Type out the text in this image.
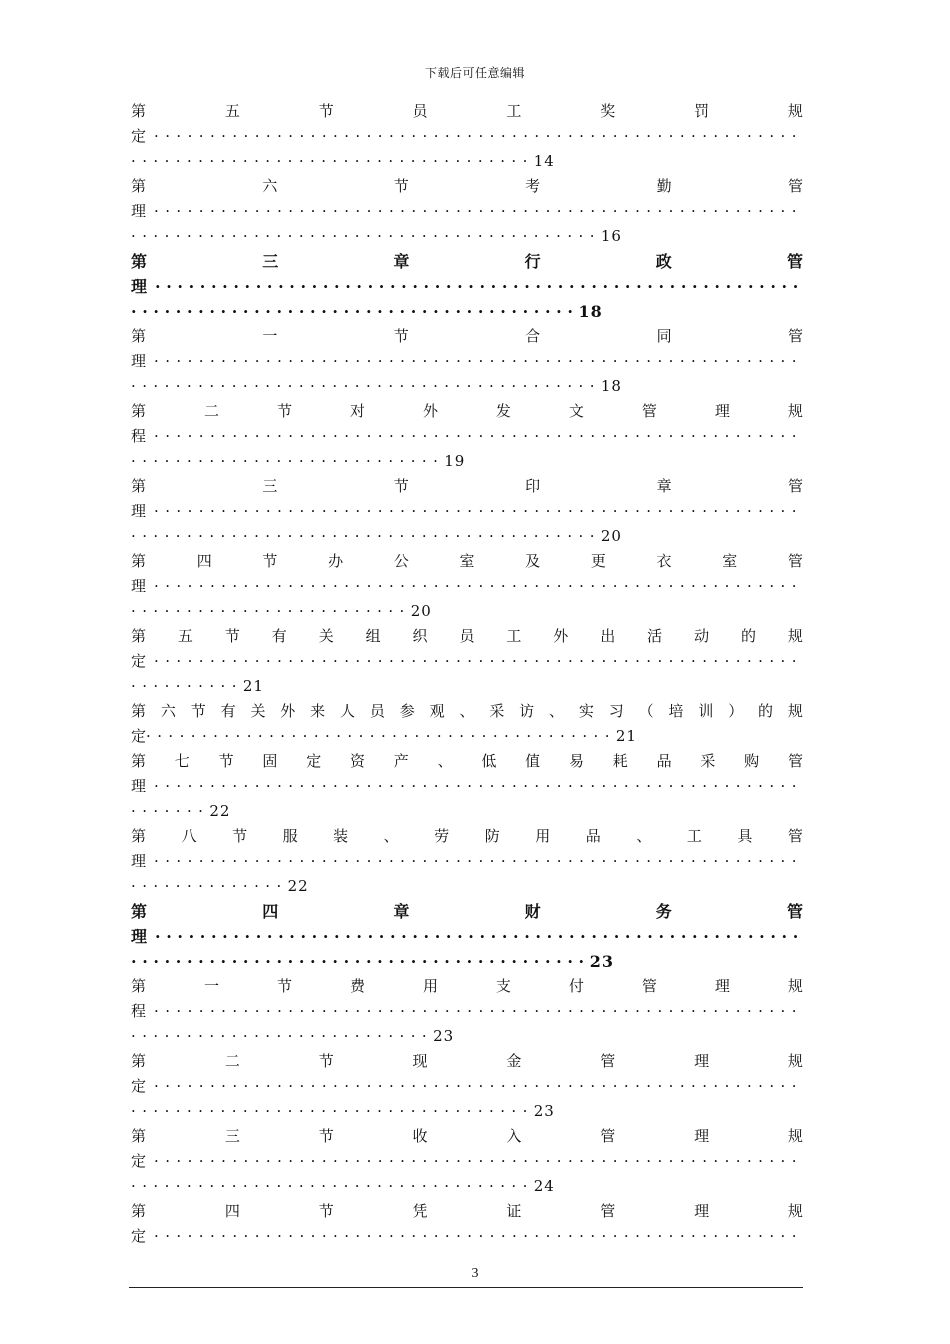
下载后可任意编辑
第	五	节	员	工	奖	罚	规
定 · · · · · · · · · · · · · · · · · · · · · · · · · · · · · · · · · · · · · · · · · · · · · · · · · · · · · · · · · ·
· · · · · · · · · · · · · · · · · · · · · · · · · · · · · · · · · · · · 14
第	六	节	考	勤	管
理 · · · · · · · · · · · · · · · · · · · · · · · · · · · · · · · · · · · · · · · · · · · · · · · · · · · · · · · · · ·
· · · · · · · · · · · · · · · · · · · · · · · · · · · · · · · · · · · · · · · · · · 16
第	三	章	行	政	管
理 · · · · · · · · · · · · · · · · · · · · · · · · · · · · · · · · · · · · · · · · · · · · · · · · · · · · · · · · · ·
· · · · · · · · · · · · · · · · · · · · · · · · · · · · · · · · · · · · · · · · 18
第	一	节	合	同	管
理 · · · · · · · · · · · · · · · · · · · · · · · · · · · · · · · · · · · · · · · · · · · · · · · · · · · · · · · · · ·
· · · · · · · · · · · · · · · · · · · · · · · · · · · · · · · · · · · · · · · · · · 18
第	二	节	对	外	发	文	管	理	规
程 · · · · · · · · · · · · · · · · · · · · · · · · · · · · · · · · · · · · · · · · · · · · · · · · · · · · · · · · · ·
· · · · · · · · · · · · · · · · · · · · · · · · · · · · 19
第	三	节	印	章	管
理 · · · · · · · · · · · · · · · · · · · · · · · · · · · · · · · · · · · · · · · · · · · · · · · · · · · · · · · · · ·
· · · · · · · · · · · · · · · · · · · · · · · · · · · · · · · · · · · · · · · · · · 20
第	四	节	办	公	室	及	更	衣	室	管
理 · · · · · · · · · · · · · · · · · · · · · · · · · · · · · · · · · · · · · · · · · · · · · · · · · · · · · · · · · ·
· · · · · · · · · · · · · · · · · · · · · · · · · 20
第 五 节 有 关 组 织 员 工 外 出 活 动 的 规
定 · · · · · · · · · · · · · · · · · · · · · · · · · · · · · · · · · · · · · · · · · · · · · · · · · · · · · · · · · ·
· · · · · · · · · · 21
第 六 节 有 关 外 来 人 员 参 观 、 采 访 、 实 习 （ 培 训 ） 的 规
定· · · · · · · · · · · · · · · · · · · · · · · · · · · · · · · · · · · · · · · · · · 21
第 七 节 固 定 资 产 、 低 值 易 耗 品 采 购 管
理 · · · · · · · · · · · · · · · · · · · · · · · · · · · · · · · · · · · · · · · · · · · · · · · · · · · · · · · · · ·
· · · · · · · 22
第 八 节 服 装 、 劳 防 用 品 、 工 具 管
理 · · · · · · · · · · · · · · · · · · · · · · · · · · · · · · · · · · · · · · · · · · · · · · · · · · · · · · · · · ·
· · · · · · · · · · · · · · 22
第	四	章	财	务	管
理 · · · · · · · · · · · · · · · · · · · · · · · · · · · · · · · · · · · · · · · · · · · · · · · · · · · · · · · · · ·
· · · · · · · · · · · · · · · · · · · · · · · · · · · · · · · · · · · · · · · · · 23
第	一	节	费	用	支	付	管	理	规
程 · · · · · · · · · · · · · · · · · · · · · · · · · · · · · · · · · · · · · · · · · · · · · · · · · · · · · · · · · ·
· · · · · · · · · · · · · · · · · · · · · · · · · · · 23
第	二	节	现	金	管	理	规
定 · · · · · · · · · · · · · · · · · · · · · · · · · · · · · · · · · · · · · · · · · · · · · · · · · · · · · · · · · ·
· · · · · · · · · · · · · · · · · · · · · · · · · · · · · · · · · · · · 23
第	三	节	收	入	管	理	规
定 · · · · · · · · · · · · · · · · · · · · · · · · · · · · · · · · · · · · · · · · · · · · · · · · · · · · · · · · · ·
· · · · · · · · · · · · · · · · · · · · · · · · · · · · · · · · · · · · 24
第	四	节	凭	证	管	理	规
定 · · · · · · · · · · · · · · · · · · · · · · · · · · · · · · · · · · · · · · · · · · · · · · · · · · · · · · · · · ·
3
